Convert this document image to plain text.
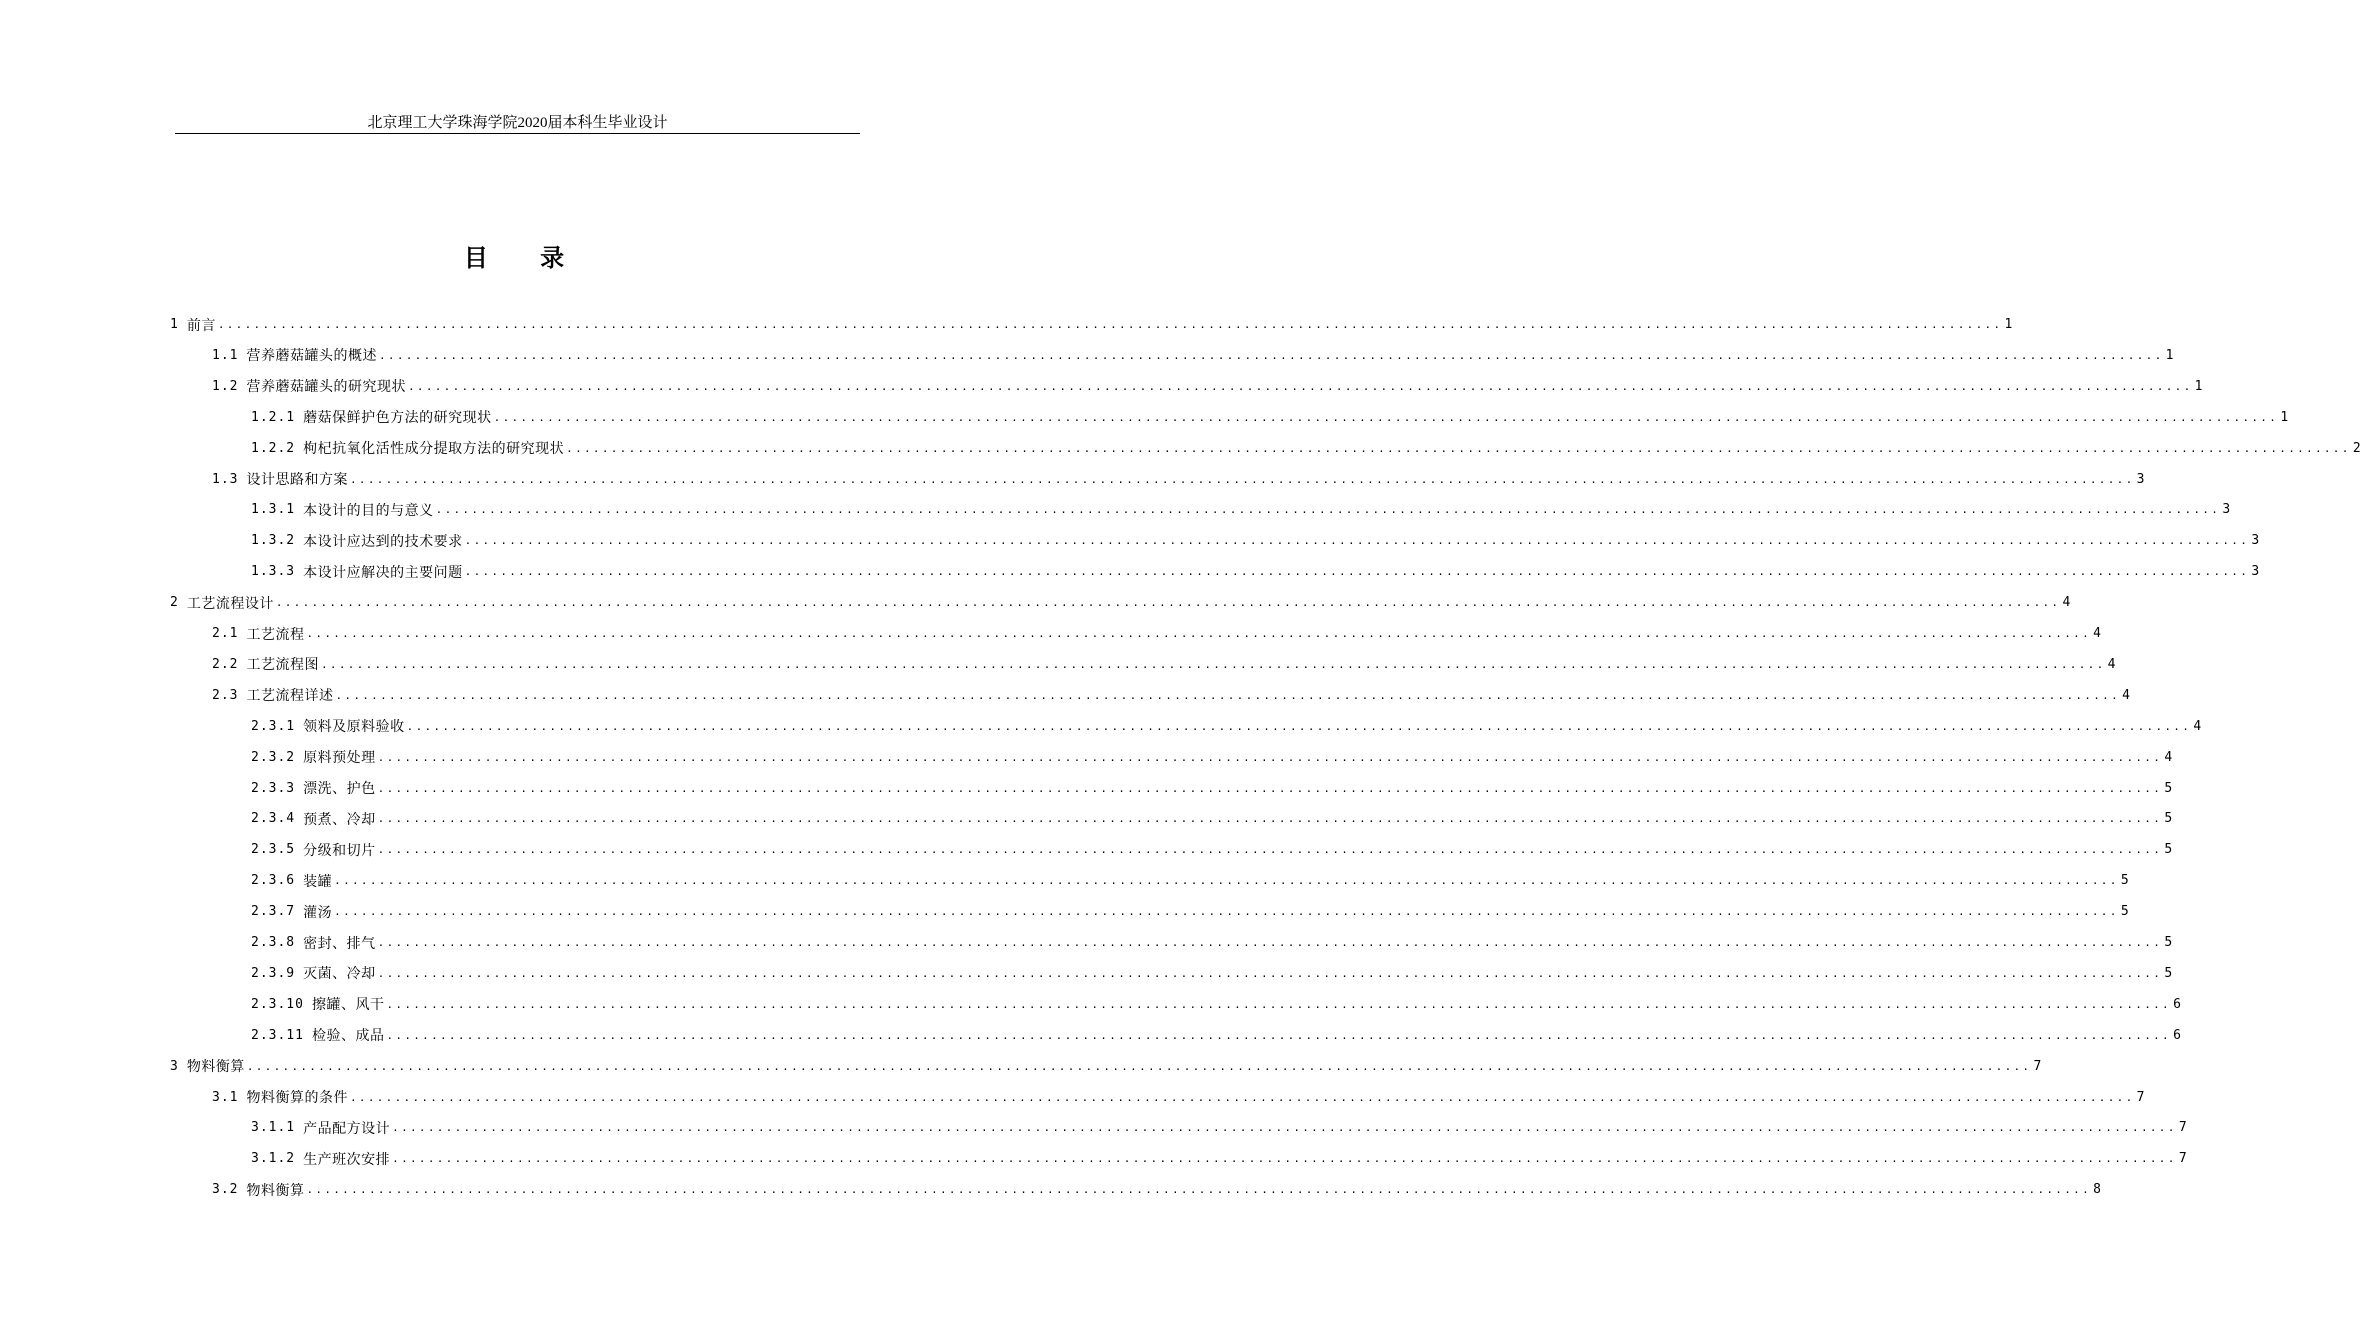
北京理工大学珠海学院2020届本科生毕业设计
目 录
1 前言 ........................................................................................................................................................................................................ 1
1.1 营养蘑菇罐头的概述 ........................................................................................................................................................................................................ 1
1.2 营养蘑菇罐头的研究现状 ........................................................................................................................................................................................................ 1
1.2.1 蘑菇保鲜护色方法的研究现状 ........................................................................................................................................................................................................ 1
1.2.2 枸杞抗氧化活性成分提取方法的研究现状 ........................................................................................................................................................................................................ 2
1.3 设计思路和方案 ........................................................................................................................................................................................................ 3
1.3.1 本设计的目的与意义 ........................................................................................................................................................................................................ 3
1.3.2 本设计应达到的技术要求 ........................................................................................................................................................................................................ 3
1.3.3 本设计应解决的主要问题 ........................................................................................................................................................................................................ 3
2 工艺流程设计 ........................................................................................................................................................................................................ 4
2.1 工艺流程 ........................................................................................................................................................................................................ 4
2.2 工艺流程图 ........................................................................................................................................................................................................ 4
2.3 工艺流程详述 ........................................................................................................................................................................................................ 4
2.3.1 领料及原料验收 ........................................................................................................................................................................................................ 4
2.3.2 原料预处理 ........................................................................................................................................................................................................ 4
2.3.3 漂洗、护色 ........................................................................................................................................................................................................ 5
2.3.4 预煮、冷却 ........................................................................................................................................................................................................ 5
2.3.5 分级和切片 ........................................................................................................................................................................................................ 5
2.3.6 装罐 ........................................................................................................................................................................................................ 5
2.3.7 灌汤 ........................................................................................................................................................................................................ 5
2.3.8 密封、排气 ........................................................................................................................................................................................................ 5
2.3.9 灭菌、冷却 ........................................................................................................................................................................................................ 5
2.3.10 擦罐、风干 ........................................................................................................................................................................................................ 6
2.3.11 检验、成品 ........................................................................................................................................................................................................ 6
3 物料衡算 ........................................................................................................................................................................................................ 7
3.1 物料衡算的条件 ........................................................................................................................................................................................................ 7
3.1.1 产品配方设计 ........................................................................................................................................................................................................ 7
3.1.2 生产班次安排 ........................................................................................................................................................................................................ 7
3.2 物料衡算 ........................................................................................................................................................................................................ 8
